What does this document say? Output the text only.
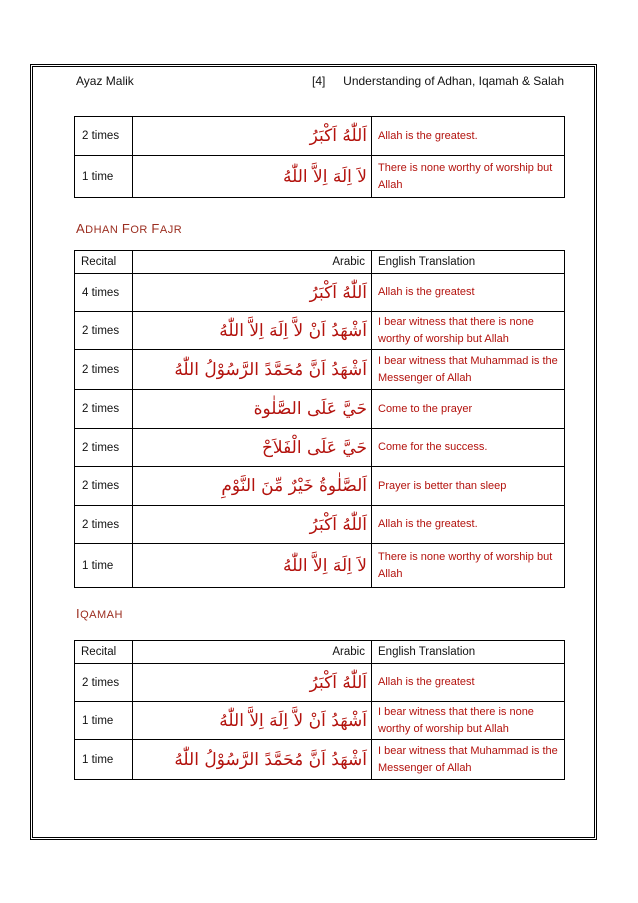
Ayaz Malik	[4] Understanding of Adhan, Iqamah & Salah
2 times	اَللّٰهُ اَكْبَرُ	Allah is the greatest.
1 time	لاَ اِلَهَ اِلاَّ اللّٰهُ	There is none worthy of worship but Allah
ADHAN FOR FAJR
Recital	Arabic	English Translation
4 times	اَللّٰهُ اَكْبَرُ	Allah is the greatest
2 times	اَشْهَدُ اَنْ لاَّ اِلَهَ اِلاَّ اللّٰهُ	I bear witness that there is none worthy of worship but Allah
2 times	اَشْهَدُ اَنَّ مُحَمَّدً الرَّسُوْلُ اللّٰهُ	I bear witness that Muhammad is the Messenger of Allah
2 times	حَيَّ عَلَى الصَّلٰوة	Come to the prayer
2 times	حَيَّ عَلَى الْفَلاَحْ	Come for the success.
2 times	اَلصَّلٰوةُ خَيْرٌ مِّنَ النَّوْمِ	Prayer is better than sleep
2 times	اَللّٰهُ اَكْبَرُ	Allah is the greatest.
1 time	لاَ اِلَهَ اِلاَّ اللّٰهُ	There is none worthy of worship but Allah
IQAMAH
Recital	Arabic	English Translation
2 times	اَللّٰهُ اَكْبَرُ	Allah is the greatest
1 time	اَشْهَدُ اَنْ لاَّ اِلَهَ اِلاَّ اللّٰهُ	I bear witness that there is none worthy of worship but Allah
1 time	اَشْهَدُ اَنَّ مُحَمَّدً الرَّسُوْلُ اللّٰهُ	I bear witness that Muhammad is the Messenger of Allah
